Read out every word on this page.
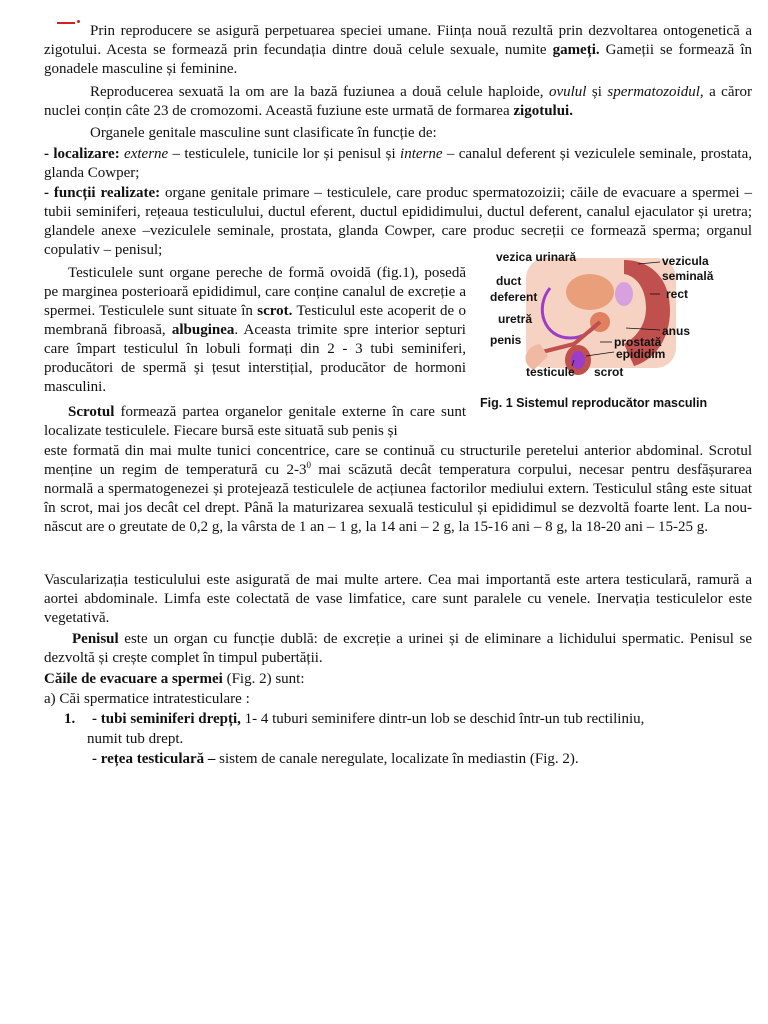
Prin reproducere se asigură perpetuarea speciei umane. Ființa nouă rezultă prin dezvoltarea ontogenetică a zigotului. Acesta se formează prin fecundația dintre două celule sexuale, numite gameți. Gameții se formează în gonadele masculine și feminine.

Reproducerea sexuată la om are la bază fuziunea a două celule haploide, ovulul și spermatozoidul, a căror nuclei conțin câte 23 de cromozomi. Această fuziune este urmată de formarea zigotului.

Organele genitale masculine sunt clasificate în funcție de:

- localizare: externe – testiculele, tunicile lor și penisul și interne – canalul deferent și veziculele seminale, prostata, glanda Cowper;

- funcții realizate: organe genitale primare – testiculele, care produc spermatozoizii; căile de evacuare a spermei – tubii seminiferi, rețeaua testiculului, ductul eferent, ductul epididimului, ductul deferent, canalul ejaculator și uretra; glandele anexe –veziculele seminale, prostata, glanda Cowper, care produc secreții ce formează sperma; organul copulativ – penisul;

Testiculele sunt organe pereche de formă ovoidă (fig.1), posedă pe marginea posterioară epididimul, care conține canalul de excreție a spermei. Testiculele sunt situate în scrot. Testiculul este acoperit de o membrană fibroasă, albuginea. Aceasta trimite spre interior septuri care împart testiculul în lobuli formați din 2 - 3 tubi seminiferi, producători de spermă și țesut interstițial, producător de hormoni masculini.

Scrotul formează partea organelor genitale externe în care sunt localizate testiculele. Fiecare bursă este situată sub penis și

este formată din mai multe tunici concentrice, care se continuă cu structurile peretelui anterior abdominal. Scrotul menține un regim de temperatură cu $2-3^0$ mai scăzută decât temperatura corpului, necesar pentru desfășurarea normală a spermatogenezei și protejează testiculele de acțiunea factorilor mediului extern. Testiculul stâng este situat în scrot, mai jos decât cel drept. Până la maturizarea sexuală testiculul și epididimul se dezvoltă foarte lent. La nou-născut are o greutate de 0,2 g, la vârsta de 1 an – 1 g, la 14 ani – 2 g, la 15-16 ani – 8 g, la 18-20 ani – 15-25 g.

Vascularizația testiculului este asigurată de mai multe artere. Cea mai importantă este artera testiculară, ramură a aortei abdominale. Limfa este colectată de vase limfatice, care sunt paralele cu venele. Inervația testiculelor este vegetativă.

Penisul este un organ cu funcție dublă: de excreție a urinei și de eliminare a lichidului spermatic. Penisul se dezvoltă și crește complet în timpul pubertății.

Căile de evacuare a spermei (Fig. 2) sunt:

a) Căi spermatice intratesticulare :

1. - tubi seminiferi drepți, 1- 4 tuburi seminifere dintr-un lob se deschid într-un tub rectiliniu,
numit tub drept.
- rețea testiculară – sistem de canale neregulate, localizate în mediastin (Fig. 2).
vezica urinară	vezicula
seminală
duct
deferent	rect
uretră
anus
penis	prostată
epididim
testicule scrot
Fig. 1 Sistemul reproducător masculin
